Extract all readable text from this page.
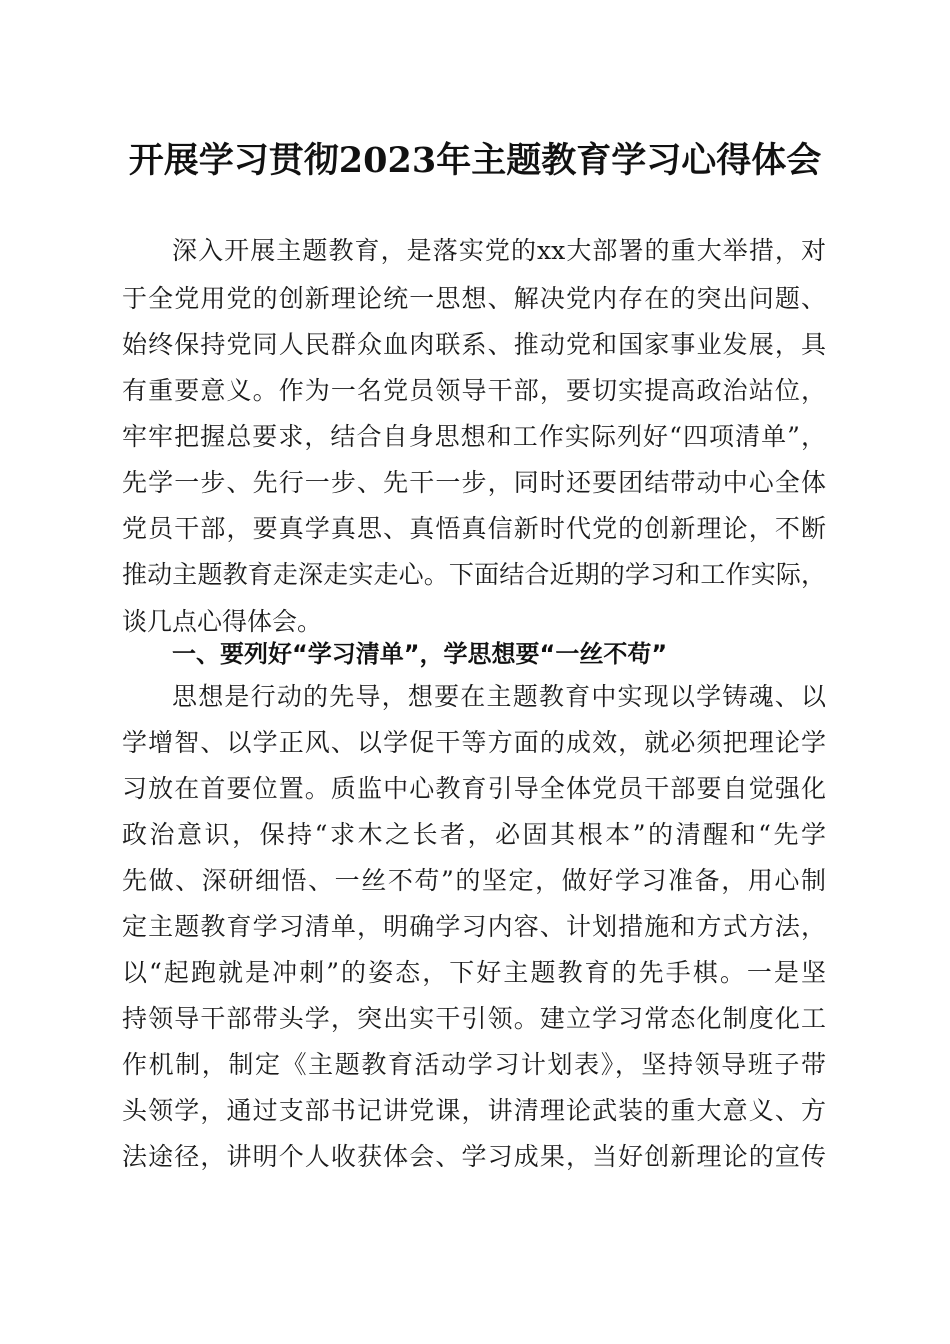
开展学习贯彻2023年主题教育学习心得体会

深入开展主题教育，是落实党的xx大部署的重大举措，对

于全党用党的创新理论统一思想、解决党内存在的突出问题、

始终保持党同人民群众血肉联系、推动党和国家事业发展，具

有重要意义。作为一名党员领导干部，要切实提高政治站位，

牢牢把握总要求，结合自身思想和工作实际列好“四项清单”，

先学一步、先行一步、先干一步，同时还要团结带动中心全体

党员干部，要真学真思、真悟真信新时代党的创新理论，不断

推动主题教育走深走实走心。下面结合近期的学习和工作实际，

谈几点心得体会。

一、要列好“学习清单”，学思想要“一丝不苟”

思想是行动的先导，想要在主题教育中实现以学铸魂、以

学增智、以学正风、以学促干等方面的成效，就必须把理论学

习放在首要位置。质监中心教育引导全体党员干部要自觉强化

政治意识，保持“求木之长者，必固其根本”的清醒和“先学

先做、深研细悟、一丝不苟”的坚定，做好学习准备，用心制

定主题教育学习清单，明确学习内容、计划措施和方式方法，

以“起跑就是冲刺”的姿态，下好主题教育的先手棋。一是坚

持领导干部带头学，突出实干引领。建立学习常态化制度化工

作机制，制定《主题教育活动学习计划表》，坚持领导班子带

头领学，通过支部书记讲党课，讲清理论武装的重大意义、方

法途径，讲明个人收获体会、学习成果，当好创新理论的宣传
